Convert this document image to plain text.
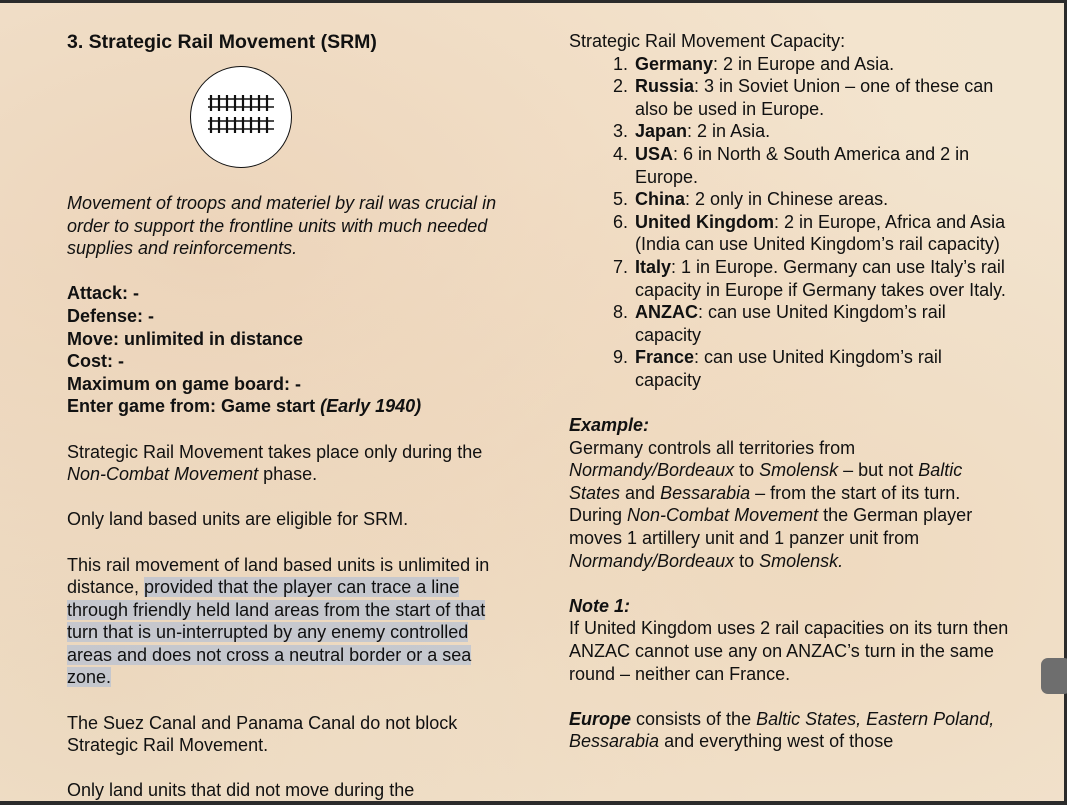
3. Strategic Rail Movement (SRM)

Movement of troops and materiel by rail was crucial in order to support the frontline units with much needed supplies and reinforcements.

Attack: -
Defense: -
Move: unlimited in distance
Cost: -
Maximum on game board: -
Enter game from: Game start (Early 1940)

Strategic Rail Movement takes place only during the Non-Combat Movement phase.

Only land based units are eligible for SRM.

This rail movement of land based units is unlimited in distance, provided that the player can trace a line through friendly held land areas from the start of that turn that is un-interrupted by any enemy controlled areas and does not cross a neutral border or a sea zone.

The Suez Canal and Panama Canal do not block Strategic Rail Movement.

Only land units that did not move during the

Strategic Rail Movement Capacity:

1. Germany: 2 in Europe and Asia.
2. Russia: 3 in Soviet Union – one of these can also be used in Europe.
3. Japan: 2 in Asia.
4. USA: 6 in North & South America and 2 in Europe.
5. China: 2 only in Chinese areas.
6. United Kingdom: 2 in Europe, Africa and Asia (India can use United Kingdom’s rail capacity)
7. Italy: 1 in Europe. Germany can use Italy’s rail capacity in Europe if Germany takes over Italy.
8. ANZAC: can use United Kingdom’s rail capacity
9. France: can use United Kingdom’s rail capacity

Example:

Germany controls all territories from Normandy/Bordeaux to Smolensk – but not Baltic States and Bessarabia – from the start of its turn. During Non-Combat Movement the German player moves 1 artillery unit and 1 panzer unit from Normandy/Bordeaux to Smolensk.

Note 1:

If United Kingdom uses 2 rail capacities on its turn then ANZAC cannot use any on ANZAC’s turn in the same round – neither can France.

Europe consists of the Baltic States, Eastern Poland, Bessarabia and everything west of those
